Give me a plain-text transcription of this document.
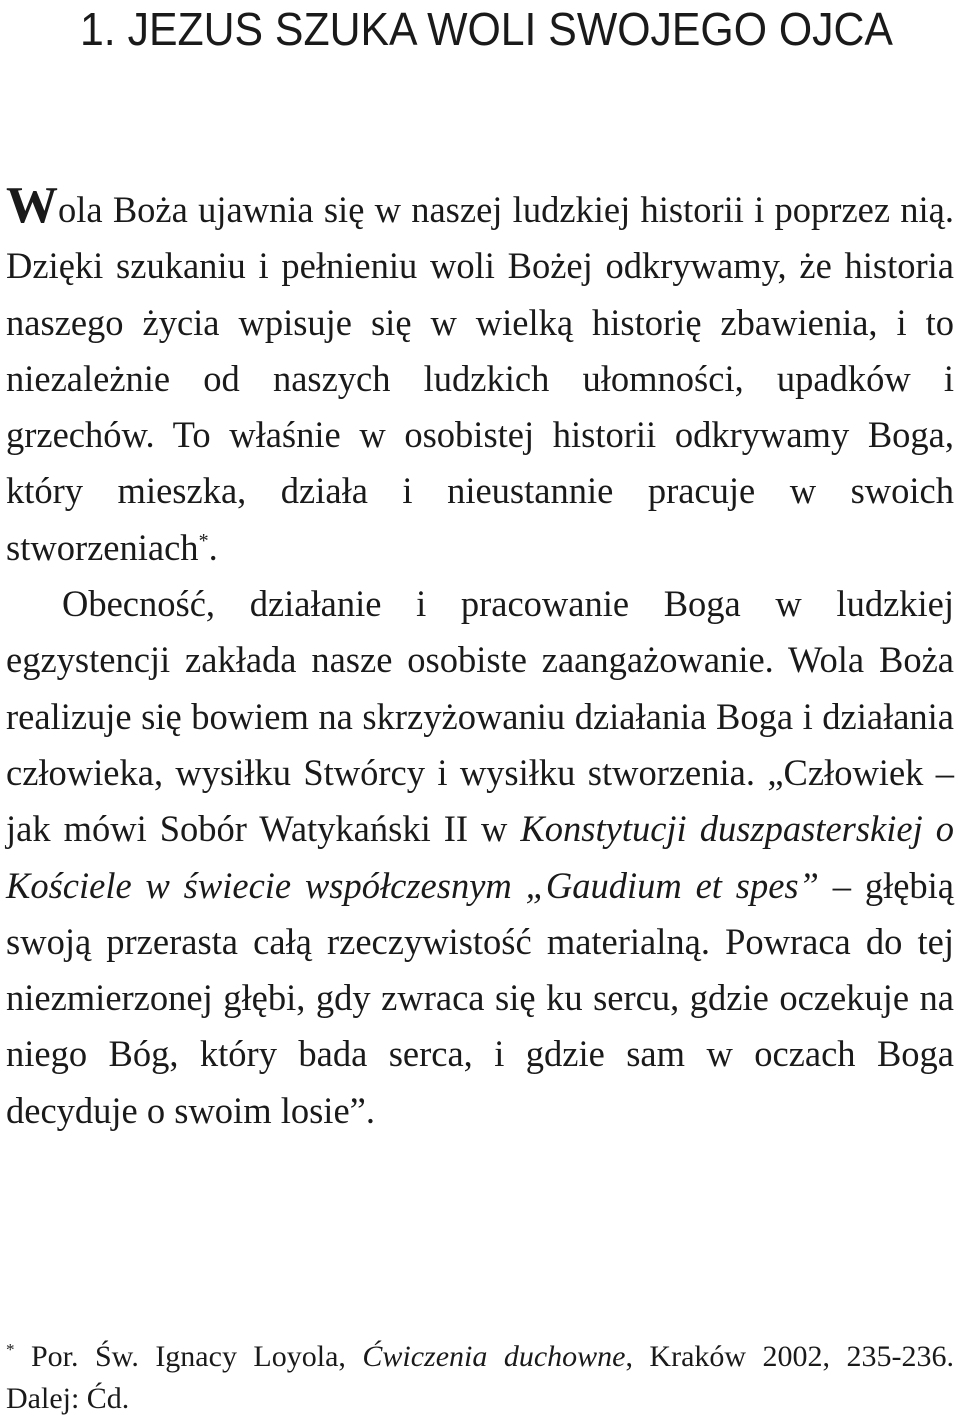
1. JEZUS SZUKA WOLI SWOJEGO OJCA

Wola Boża ujawnia się w naszej ludzkiej historii i poprzez nią. Dzięki szukaniu i pełnieniu woli Bożej odkrywamy, że historia naszego życia wpisuje się w wielką historię zbawienia, i to niezależnie od naszych ludzkich ułomności, upadków i grzechów. To właśnie w osobistej historii odkrywamy Boga, który mieszka, działa i nieustannie pracuje w swoich stworzeniach*.

Obecność, działanie i pracowanie Boga w ludzkiej egzystencji zakłada nasze osobiste zaangażowanie. Wola Boża realizuje się bowiem na skrzyżowaniu działania Boga i działania człowieka, wysiłku Stwórcy i wysiłku stworzenia. „Człowiek – jak mówi Sobór Watykański II w Konstytucji duszpasterskiej o Kościele w świecie współczesnym „Gaudium et spes” – głębią swoją przerasta całą rzeczywistość materialną. Powraca do tej niezmierzonej głębi, gdy zwraca się ku sercu, gdzie oczekuje na niego Bóg, który bada serca, i gdzie sam w oczach Boga decyduje o swoim losie”.

* Por. Św. Ignacy Loyola, Ćwiczenia duchowne, Kraków 2002, 235-236. Dalej: Ćd.
